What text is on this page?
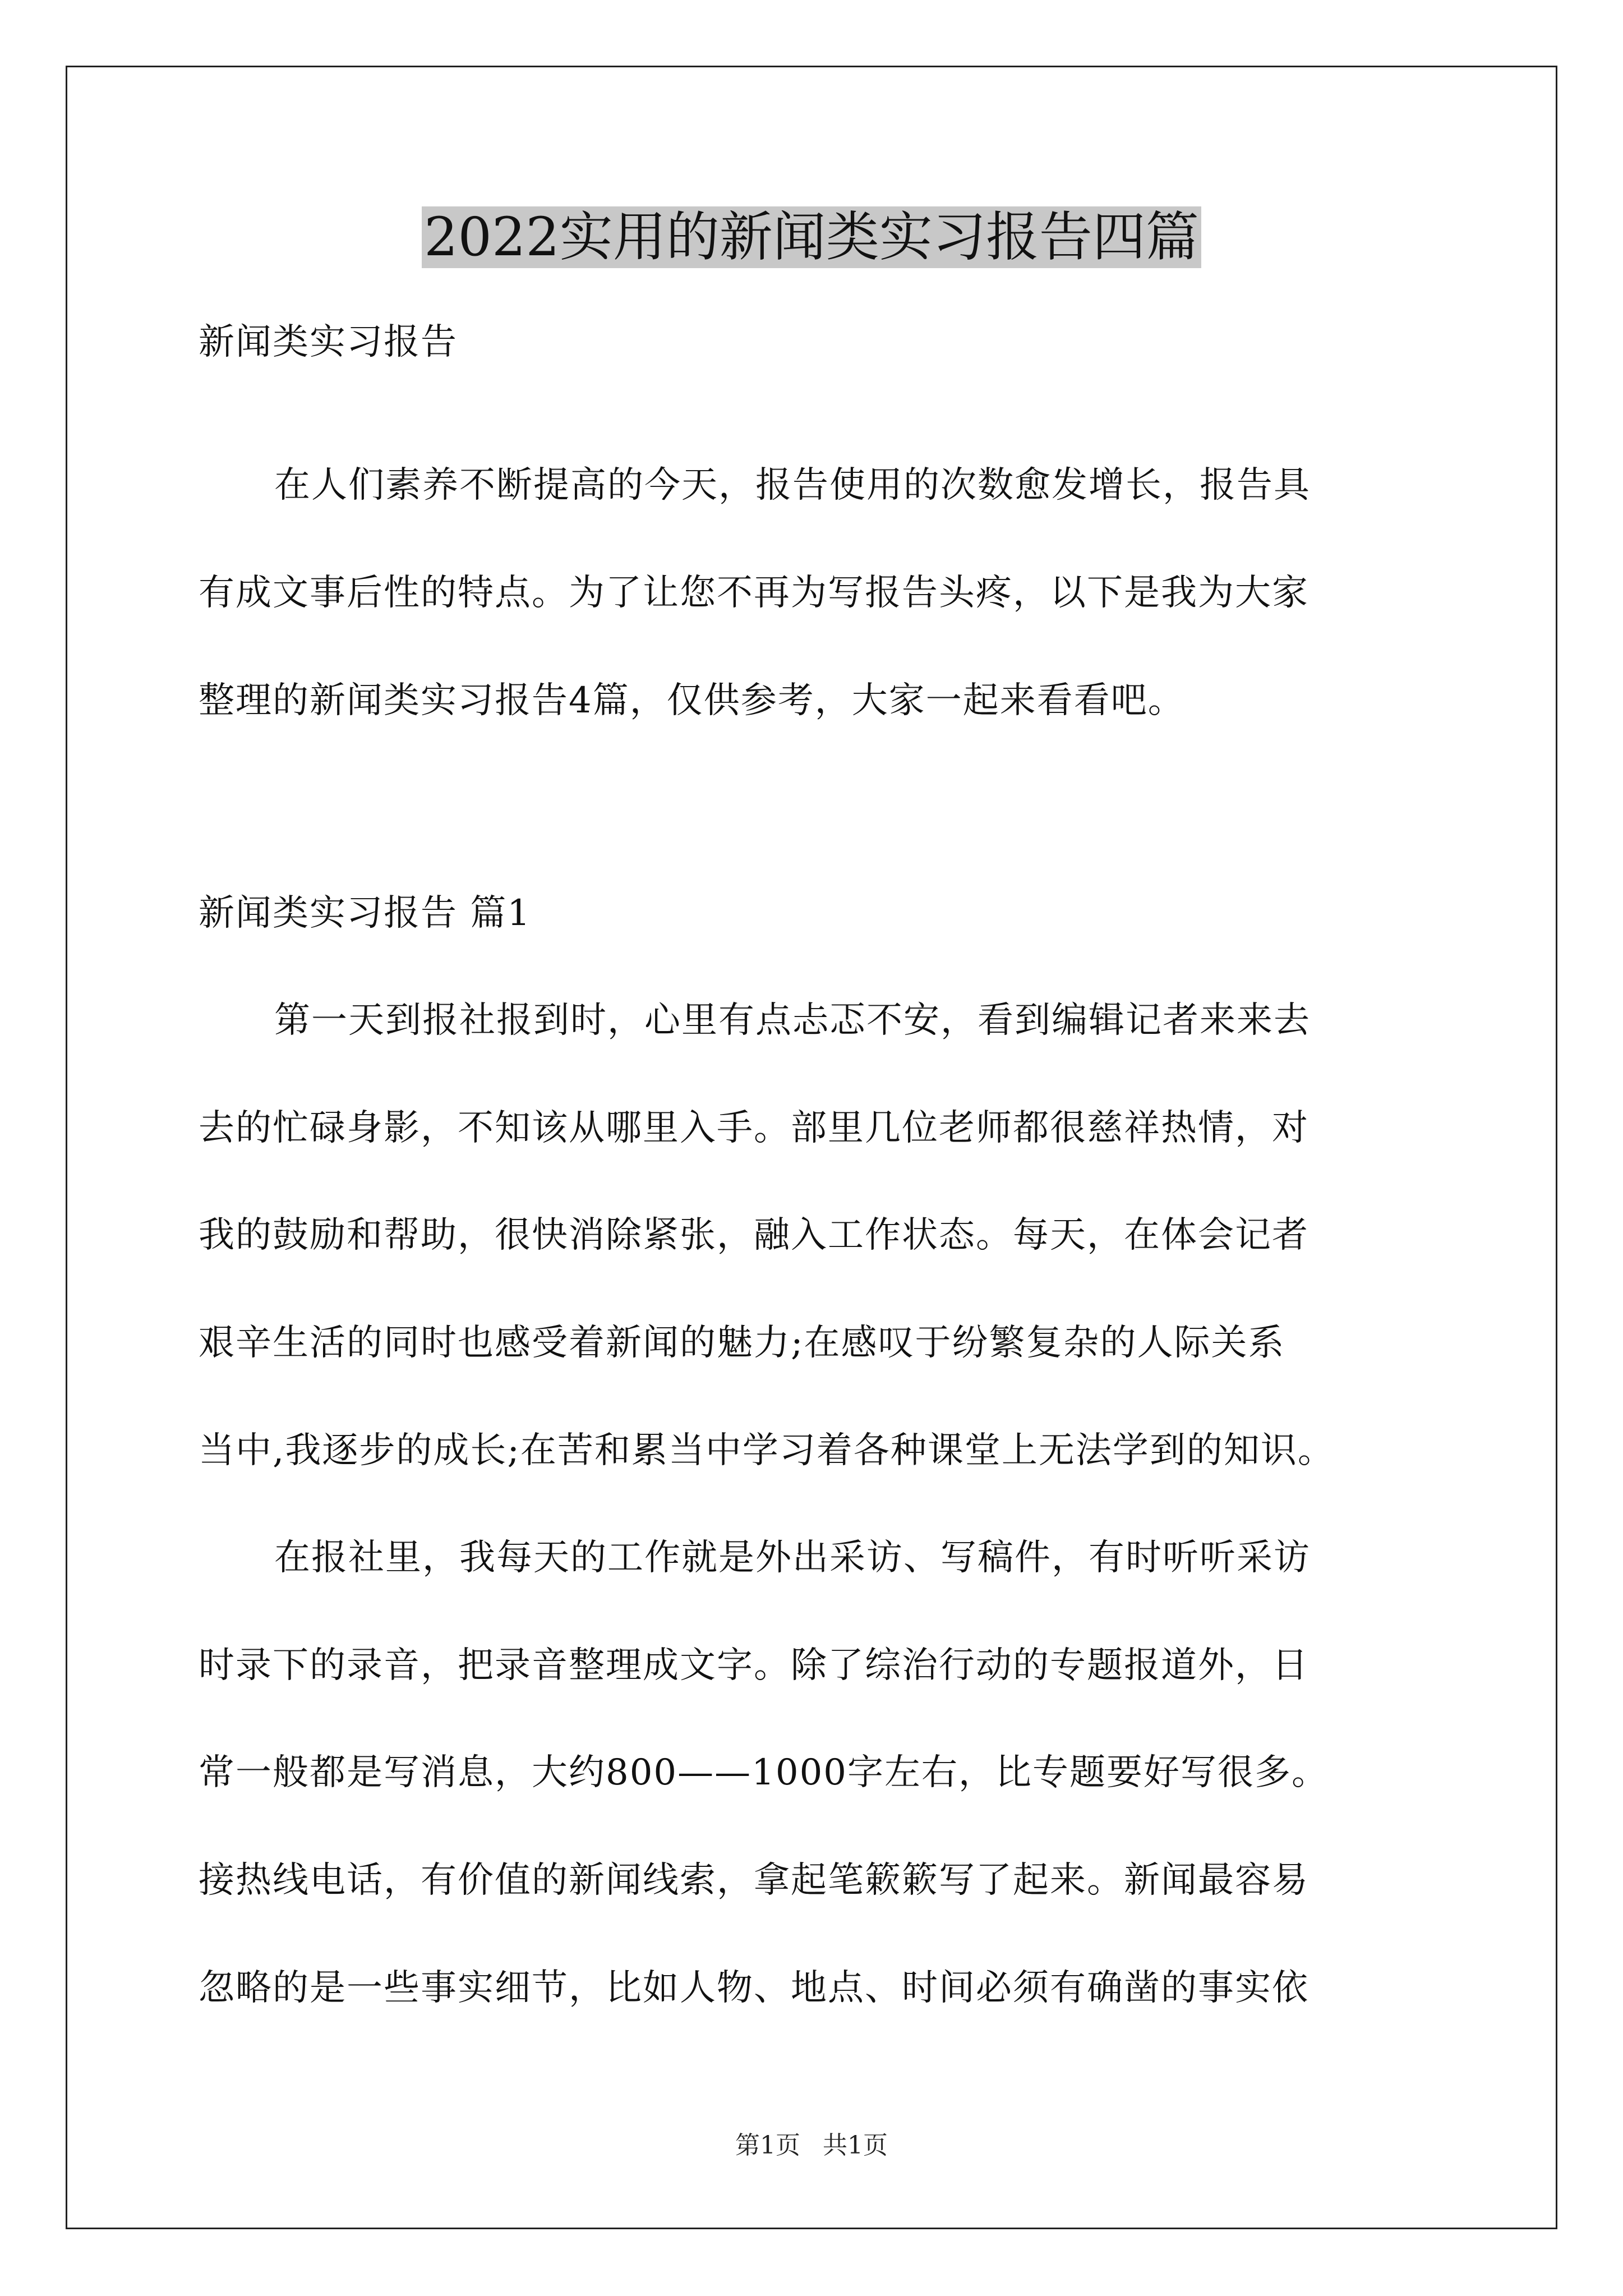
2022实用的新闻类实习报告四篇
新闻类实习报告
在人们素养不断提高的今天，报告使用的次数愈发增长，报告具
有成文事后性的特点。为了让您不再为写报告头疼，以下是我为大家
整理的新闻类实习报告4篇，仅供参考，大家一起来看看吧。
新闻类实习报告 篇1
第一天到报社报到时，心里有点忐忑不安，看到编辑记者来来去
去的忙碌身影，不知该从哪里入手。部里几位老师都很慈祥热情，对
我的鼓励和帮助，很快消除紧张，融入工作状态。每天，在体会记者
艰辛生活的同时也感受着新闻的魅力;在感叹于纷繁复杂的人际关系
当中,我逐步的成长;在苦和累当中学习着各种课堂上无法学到的知识。
在报社里，我每天的工作就是外出采访、写稿件，有时听听采访
时录下的录音，把录音整理成文字。除了综治行动的专题报道外，日
常一般都是写消息，大约800——1000字左右，比专题要好写很多。
接热线电话，有价值的新闻线索，拿起笔簌簌写了起来。新闻最容易
忽略的是一些事实细节，比如人物、地点、时间必须有确凿的事实依
第1页 共1页
